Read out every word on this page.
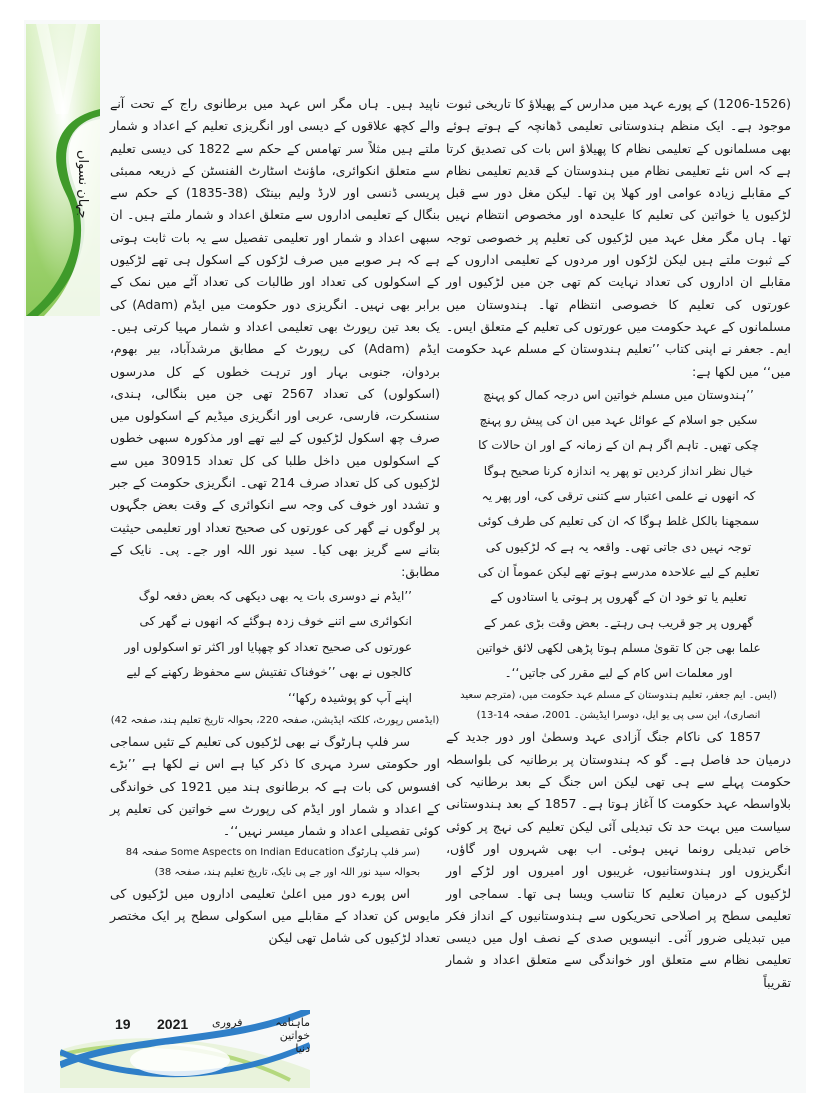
جہان نسواں

(1206-1526) کے پورے عہد میں مدارس کے پھیلاؤ کا تاریخی ثبوت موجود ہے۔ ایک منظم ہندوستانی تعلیمی ڈھانچہ کے ہوتے ہوئے بھی مسلمانوں کے تعلیمی نظام کا پھیلاؤ اس بات کی تصدیق کرتا ہے کہ اس نئے تعلیمی نظام میں ہندوستان کے قدیم تعلیمی نظام کے مقابلے زیادہ عوامی اور کھلا پن تھا۔ لیکن مغل دور سے قبل لڑکیوں یا خواتین کی تعلیم کا علیحدہ اور مخصوص انتظام نہیں تھا۔ ہاں مگر مغل عہد میں لڑکیوں کی تعلیم پر خصوصی توجہ کے ثبوت ملتے ہیں لیکن لڑکوں اور مردوں کے تعلیمی اداروں کے مقابلے ان اداروں کی تعداد نہایت کم تھی جن میں لڑکیوں اور عورتوں کی تعلیم کا خصوصی انتظام تھا۔ ہندوستان میں مسلمانوں کے عہد حکومت میں عورتوں کی تعلیم کے متعلق ایس۔ ایم۔ جعفر نے اپنی کتاب ’’تعلیم ہندوستان کے مسلم عہد حکومت میں‘‘ میں لکھا ہے:

’’ہندوستان میں مسلم خواتین اس درجہ کمال کو پہنچ سکیں جو اسلام کے عوائل عہد میں ان کی پیش رو پہنچ چکی تھیں۔ تاہم اگر ہم ان کے زمانہ کے اور ان حالات کا خیال نظر انداز کردیں تو پھر یہ اندازہ کرنا صحیح ہوگا کہ انھوں نے علمی اعتبار سے کتنی ترقی کی، اور پھر یہ سمجھنا بالکل غلط ہوگا کہ ان کی تعلیم کی طرف کوئی توجہ نہیں دی جاتی تھی۔ واقعہ یہ ہے کہ لڑکیوں کی تعلیم کے لیے علاحدہ مدرسے ہوتے تھے لیکن عموماً ان کی تعلیم یا تو خود ان کے گھروں پر ہوتی یا استادوں کے گھروں پر جو قریب ہی رہتے۔ بعض وقت بڑی عمر کے علما بھی جن کا تقویٰ مسلم ہوتا پڑھی لکھی لائق خواتین اور معلمات اس کام کے لیے مقرر کی جاتیں‘‘۔

(ایس۔ ایم جعفر، تعلیم ہندوستان کے مسلم عہد حکومت میں، (مترجم سعید انصاری)، این سی پی یو ایل، دوسرا ایڈیشن۔ 2001، صفحہ 14-13)

1857 کی ناکام جنگ آزادی عہد وسطیٰ اور دور جدید کے درمیان حد فاصل ہے۔ گو کہ ہندوستان پر برطانیہ کی بلواسطہ حکومت پہلے سے ہی تھی لیکن اس جنگ کے بعد برطانیہ کی بلاواسطہ عہد حکومت کا آغاز ہوتا ہے۔ 1857 کے بعد ہندوستانی سیاست میں بہت حد تک تبدیلی آئی لیکن تعلیم کی نہج پر کوئی خاص تبدیلی رونما نہیں ہوئی۔ اب بھی شہروں اور گاؤں، انگریزوں اور ہندوستانیوں، غریبوں اور امیروں اور لڑکے اور لڑکیوں کے درمیان تعلیم کا تناسب ویسا ہی تھا۔ سماجی اور تعلیمی سطح پر اصلاحی تحریکوں سے ہندوستانیوں کے انداز فکر میں تبدیلی ضرور آئی۔ انیسویں صدی کے نصف اول میں دیسی تعلیمی نظام سے متعلق اور خواندگی سے متعلق اعداد و شمار تقریباً

ناپید ہیں۔ ہاں مگر اس عہد میں برطانوی راج کے تحت آنے والے کچھ علاقوں کے دیسی اور انگریزی تعلیم کے اعداد و شمار ملتے ہیں مثلاً سر تھامس کے حکم سے 1822 کی دیسی تعلیم سے متعلق انکوائری، ماؤنٹ اسٹارٹ الفنسٹن کے ذریعہ ممبئی پریسی ڈنسی اور لارڈ ولیم بینٹک (38-1835) کے حکم سے بنگال کے تعلیمی اداروں سے متعلق اعداد و شمار ملتے ہیں۔ ان سبھی اعداد و شمار اور تعلیمی تفصیل سے یہ بات ثابت ہوتی ہے کہ ہر صوبے میں صرف لڑکوں کے اسکول ہی تھے لڑکیوں کے اسکولوں کی تعداد اور طالبات کی تعداد آٹے میں نمک کے برابر بھی نہیں۔ انگریزی دور حکومت میں ایڈم (Adam) کی یک بعد تین رپورٹ بھی تعلیمی اعداد و شمار مہیا کرتی ہیں۔ ایڈم (Adam) کی رپورٹ کے مطابق مرشدآباد، بیر بھوم، بردوان، جنوبی بہار اور ترہت خطوں کے کل مدرسوں (اسکولوں) کی تعداد 2567 تھی جن میں بنگالی، ہندی، سنسکرت، فارسی، عربی اور انگریزی میڈیم کے اسکولوں میں صرف چھ اسکول لڑکیوں کے لیے تھے اور مذکورہ سبھی خطوں کے اسکولوں میں داخل طلبا کی کل تعداد 30915 میں سے لڑکیوں کی کل تعداد صرف 214 تھی۔ انگریزی حکومت کے جبر و تشدد اور خوف کی وجہ سے انکوائری کے وقت بعض جگہوں پر لوگوں نے گھر کی عورتوں کی صحیح تعداد اور تعلیمی حیثیت بتانے سے گریز بھی کیا۔ سید نور اللہ اور جے۔ پی۔ نایک کے مطابق:

’’ایڈم نے دوسری بات یہ بھی دیکھی کہ بعض دفعہ لوگ انکوائری سے اتنے خوف زدہ ہوگئے کہ انھوں نے گھر کی عورتوں کی صحیح تعداد کو چھپایا اور اکثر تو اسکولوں اور کالجوں نے بھی ’’خوفناک تفتیش سے محفوظ رکھنے کے لیے اپنے آپ کو پوشیدہ رکھا‘‘

(ایڈمس رپورٹ، کلکتہ ایڈیشن، صفحہ 220، بحوالہ تاریخ تعلیم ہند، صفحہ 42)

سر فلپ ہارٹوگ نے بھی لڑکیوں کی تعلیم کے تئیں سماجی اور حکومتی سرد مہری کا ذکر کیا ہے اس نے لکھا ہے ’’بڑے افسوس کی بات ہے کہ برطانوی ہند میں 1921 کی خواندگی کے اعداد و شمار اور ایڈم کی رپورٹ سے خواتین کی تعلیم پر کوئی تفصیلی اعداد و شمار میسر نہیں‘‘۔

(سر فلپ ہارٹوگ Some Aspects on Indian Education صفحہ 84 بحوالہ سید نور اللہ اور جے پی نایک، تاریخ تعلیم ہند، صفحہ 38)

اس پورے دور میں اعلیٰ تعلیمی اداروں میں لڑکیوں کی مایوس کن تعداد کے مقابلے میں اسکولی سطح پر ایک مختصر تعداد لڑکیوں کی شامل تھی لیکن

19 2021 فروری	ماہنامہ خواتین دنیا
